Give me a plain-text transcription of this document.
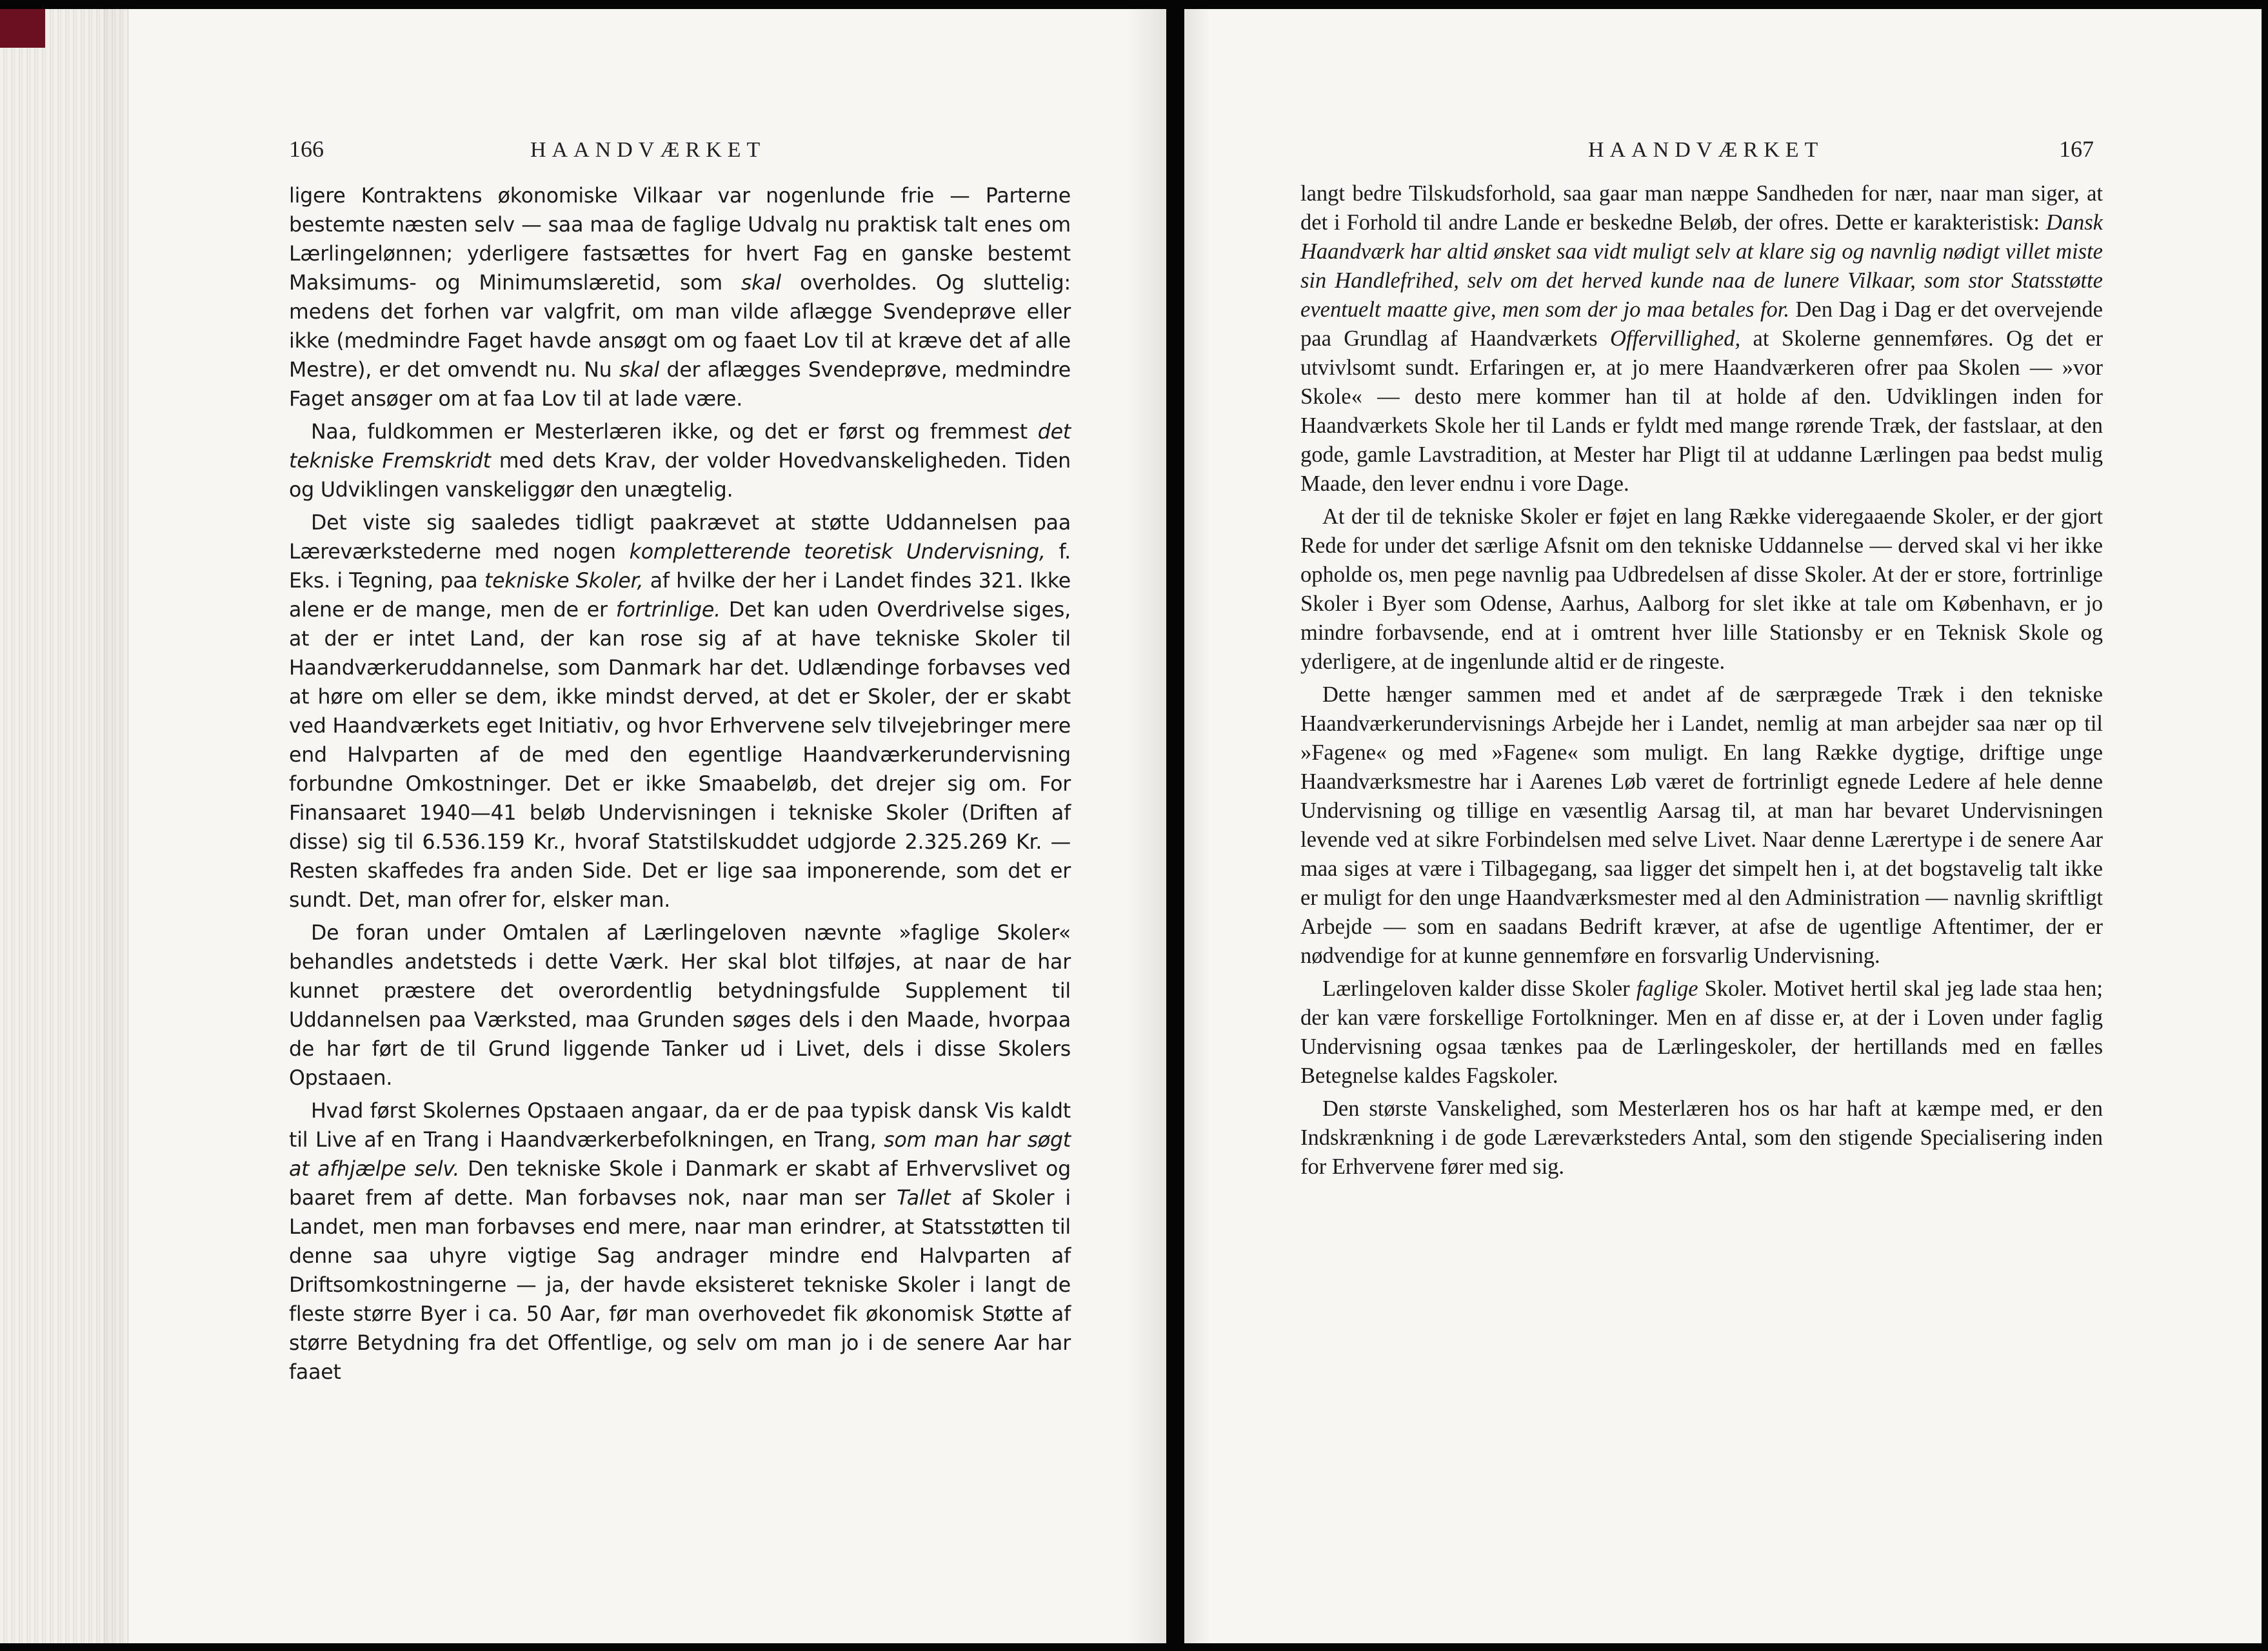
166	HAANDVÆRKET

ligere Kontraktens økonomiske Vilkaar var nogenlunde frie — Parterne bestemte næsten selv — saa maa de faglige Udvalg nu praktisk talt enes om Lærlingelønnen; yderligere fastsættes for hvert Fag en ganske bestemt Maksimums- og Minimumslæretid, som skal overholdes. Og sluttelig: medens det forhen var valgfrit, om man vilde aflægge Svendeprøve eller ikke (medmindre Faget havde ansøgt om og faaet Lov til at kræve det af alle Mestre), er det omvendt nu. Nu skal der aflægges Svendeprøve, medmindre Faget ansøger om at faa Lov til at lade være.

Naa, fuldkommen er Mesterlæren ikke, og det er først og fremmest det tekniske Fremskridt med dets Krav, der volder Hovedvanskeligheden. Tiden og Udviklingen vanskeliggør den unægtelig.

Det viste sig saaledes tidligt paakrævet at støtte Uddannelsen paa Læreværkstederne med nogen kompletterende teoretisk Undervisning, f. Eks. i Tegning, paa tekniske Skoler, af hvilke der her i Landet findes 321. Ikke alene er de mange, men de er fortrinlige. Det kan uden Overdrivelse siges, at der er intet Land, der kan rose sig af at have tekniske Skoler til Haandværkeruddannelse, som Danmark har det. Udlændinge forbavses ved at høre om eller se dem, ikke mindst derved, at det er Skoler, der er skabt ved Haandværkets eget Initiativ, og hvor Erhvervene selv tilvejebringer mere end Halvparten af de med den egentlige Haandværkerundervisning forbundne Omkostninger. Det er ikke Smaabeløb, det drejer sig om. For Finansaaret 1940—41 beløb Undervisningen i tekniske Skoler (Driften af disse) sig til 6.536.159 Kr., hvoraf Statstilskuddet udgjorde 2.325.269 Kr. — Resten skaffedes fra anden Side. Det er lige saa imponerende, som det er sundt. Det, man ofrer for, elsker man.

De foran under Omtalen af Lærlingeloven nævnte »faglige Skoler« behandles andetsteds i dette Værk. Her skal blot tilføjes, at naar de har kunnet præstere det overordentlig betydningsfulde Supplement til Uddannelsen paa Værksted, maa Grunden søges dels i den Maade, hvorpaa de har ført de til Grund liggende Tanker ud i Livet, dels i disse Skolers Opstaaen.

Hvad først Skolernes Opstaaen angaar, da er de paa typisk dansk Vis kaldt til Live af en Trang i Haandværkerbefolkningen, en Trang, som man har søgt at afhjælpe selv. Den tekniske Skole i Danmark er skabt af Erhvervslivet og baaret frem af dette. Man forbavses nok, naar man ser Tallet af Skoler i Landet, men man forbavses end mere, naar man erindrer, at Statsstøtten til denne saa uhyre vigtige Sag andrager mindre end Halvparten af Driftsomkostningerne — ja, der havde eksisteret tekniske Skoler i langt de fleste større Byer i ca. 50 Aar, før man overhovedet fik økonomisk Støtte af større Betydning fra det Offentlige, og selv om man jo i de senere Aar har faaet

HAANDVÆRKET	167

langt bedre Tilskudsforhold, saa gaar man næppe Sandheden for nær, naar man siger, at det i Forhold til andre Lande er beskedne Beløb, der ofres. Dette er karakteristisk: Dansk Haandværk har altid ønsket saa vidt muligt selv at klare sig og navnlig nødigt villet miste sin Handlefrihed, selv om det herved kunde naa de lunere Vilkaar, som stor Statsstøtte eventuelt maatte give, men som der jo maa betales for. Den Dag i Dag er det overvejende paa Grundlag af Haandværkets Offervillighed, at Skolerne gennemføres. Og det er utvivlsomt sundt. Erfaringen er, at jo mere Haandværkeren ofrer paa Skolen — »vor Skole« — desto mere kommer han til at holde af den. Udviklingen inden for Haandværkets Skole her til Lands er fyldt med mange rørende Træk, der fastslaar, at den gode, gamle Lavstradition, at Mester har Pligt til at uddanne Lærlingen paa bedst mulig Maade, den lever endnu i vore Dage.

At der til de tekniske Skoler er føjet en lang Række videregaaende Skoler, er der gjort Rede for under det særlige Afsnit om den tekniske Uddannelse — derved skal vi her ikke opholde os, men pege navnlig paa Udbredelsen af disse Skoler. At der er store, fortrinlige Skoler i Byer som Odense, Aarhus, Aalborg for slet ikke at tale om København, er jo mindre forbavsende, end at i omtrent hver lille Stationsby er en Teknisk Skole og yderligere, at de ingenlunde altid er de ringeste.

Dette hænger sammen med et andet af de særprægede Træk i den tekniske Haandværkerundervisnings Arbejde her i Landet, nemlig at man arbejder saa nær op til »Fagene« og med »Fagene« som muligt. En lang Række dygtige, driftige unge Haandværksmestre har i Aarenes Løb været de fortrinligt egnede Ledere af hele denne Undervisning og tillige en væsentlig Aarsag til, at man har bevaret Undervisningen levende ved at sikre Forbindelsen med selve Livet. Naar denne Lærertype i de senere Aar maa siges at være i Tilbagegang, saa ligger det simpelt hen i, at det bogstavelig talt ikke er muligt for den unge Haandværksmester med al den Administration — navnlig skriftligt Arbejde — som en saadans Bedrift kræver, at afse de ugentlige Aftentimer, der er nødvendige for at kunne gennemføre en forsvarlig Undervisning.

Lærlingeloven kalder disse Skoler faglige Skoler. Motivet hertil skal jeg lade staa hen; der kan være forskellige Fortolkninger. Men en af disse er, at der i Loven under faglig Undervisning ogsaa tænkes paa de Lærlingeskoler, der hertillands med en fælles Betegnelse kaldes Fagskoler.

Den største Vanskelighed, som Mesterlæren hos os har haft at kæmpe med, er den Indskrænkning i de gode Læreværksteders Antal, som den stigende Specialisering inden for Erhvervene fører med sig.
